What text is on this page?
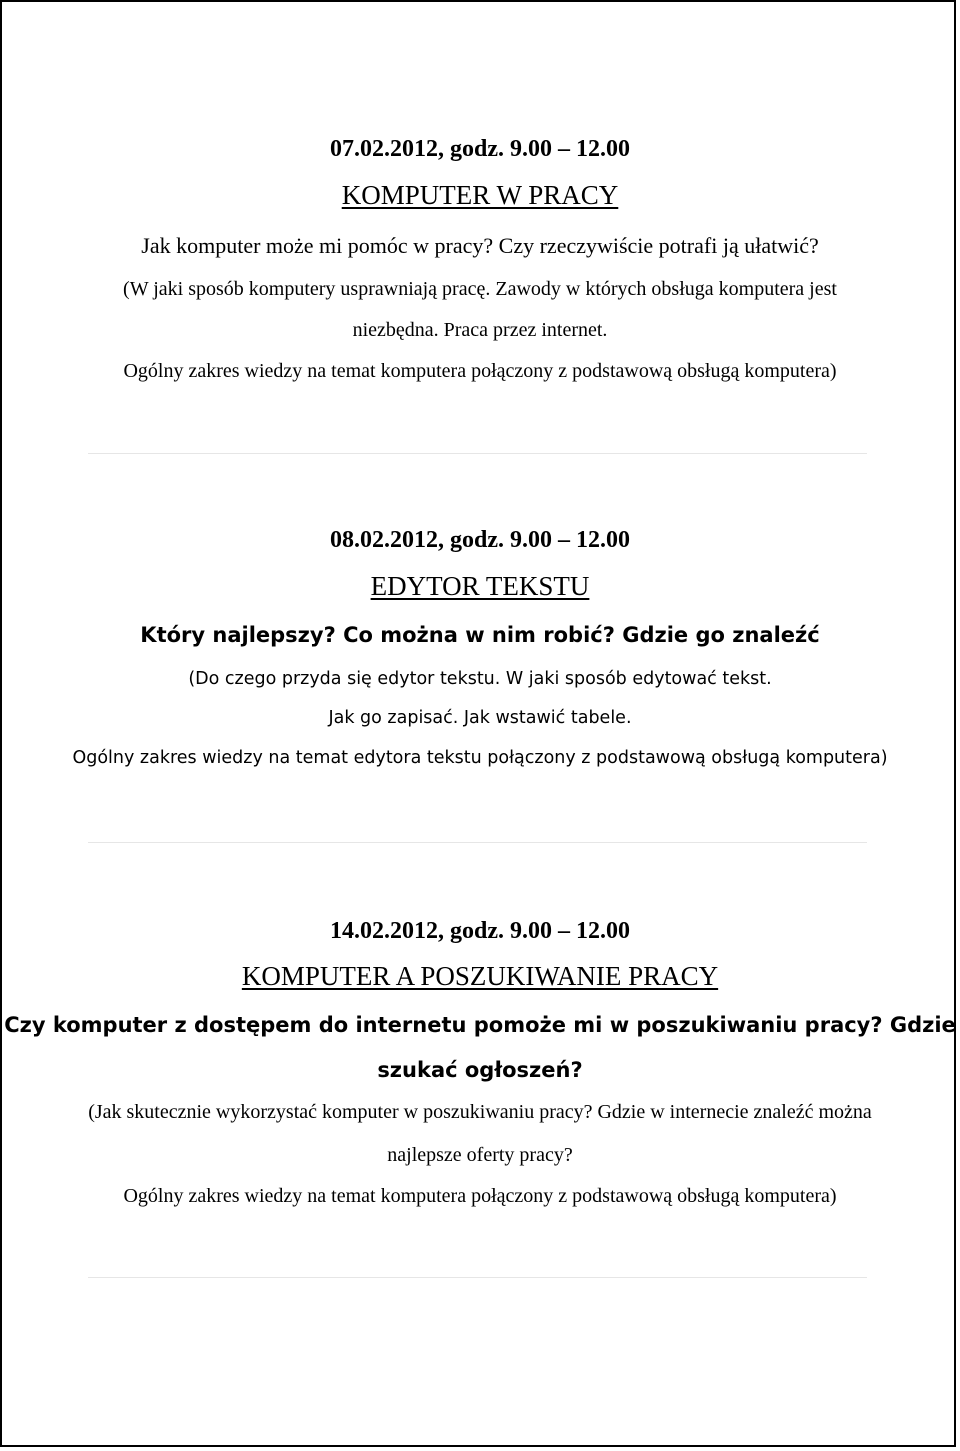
07.02.2012, godz. 9.00 – 12.00
KOMPUTER W PRACY
Jak komputer może mi pomóc w pracy? Czy rzeczywiście potrafi ją ułatwić?
(W jaki sposób komputery usprawniają pracę. Zawody w których obsługa komputera jest
niezbędna. Praca przez internet.
Ogólny zakres wiedzy na temat komputera połączony z podstawową obsługą komputera)
08.02.2012, godz. 9.00 – 12.00
EDYTOR TEKSTU
Który najlepszy? Co można w nim robić? Gdzie go znaleźć
(Do czego przyda się edytor tekstu. W jaki sposób edytować tekst.
Jak go zapisać. Jak wstawić tabele.
Ogólny zakres wiedzy na temat edytora tekstu połączony z podstawową obsługą komputera)
14.02.2012, godz. 9.00 – 12.00
KOMPUTER A POSZUKIWANIE PRACY
Czy komputer z dostępem do internetu pomoże mi w poszukiwaniu pracy? Gdzie
szukać ogłoszeń?
(Jak skutecznie wykorzystać komputer w poszukiwaniu pracy? Gdzie w internecie znaleźć można
najlepsze oferty pracy?
Ogólny zakres wiedzy na temat komputera połączony z podstawową obsługą komputera)
